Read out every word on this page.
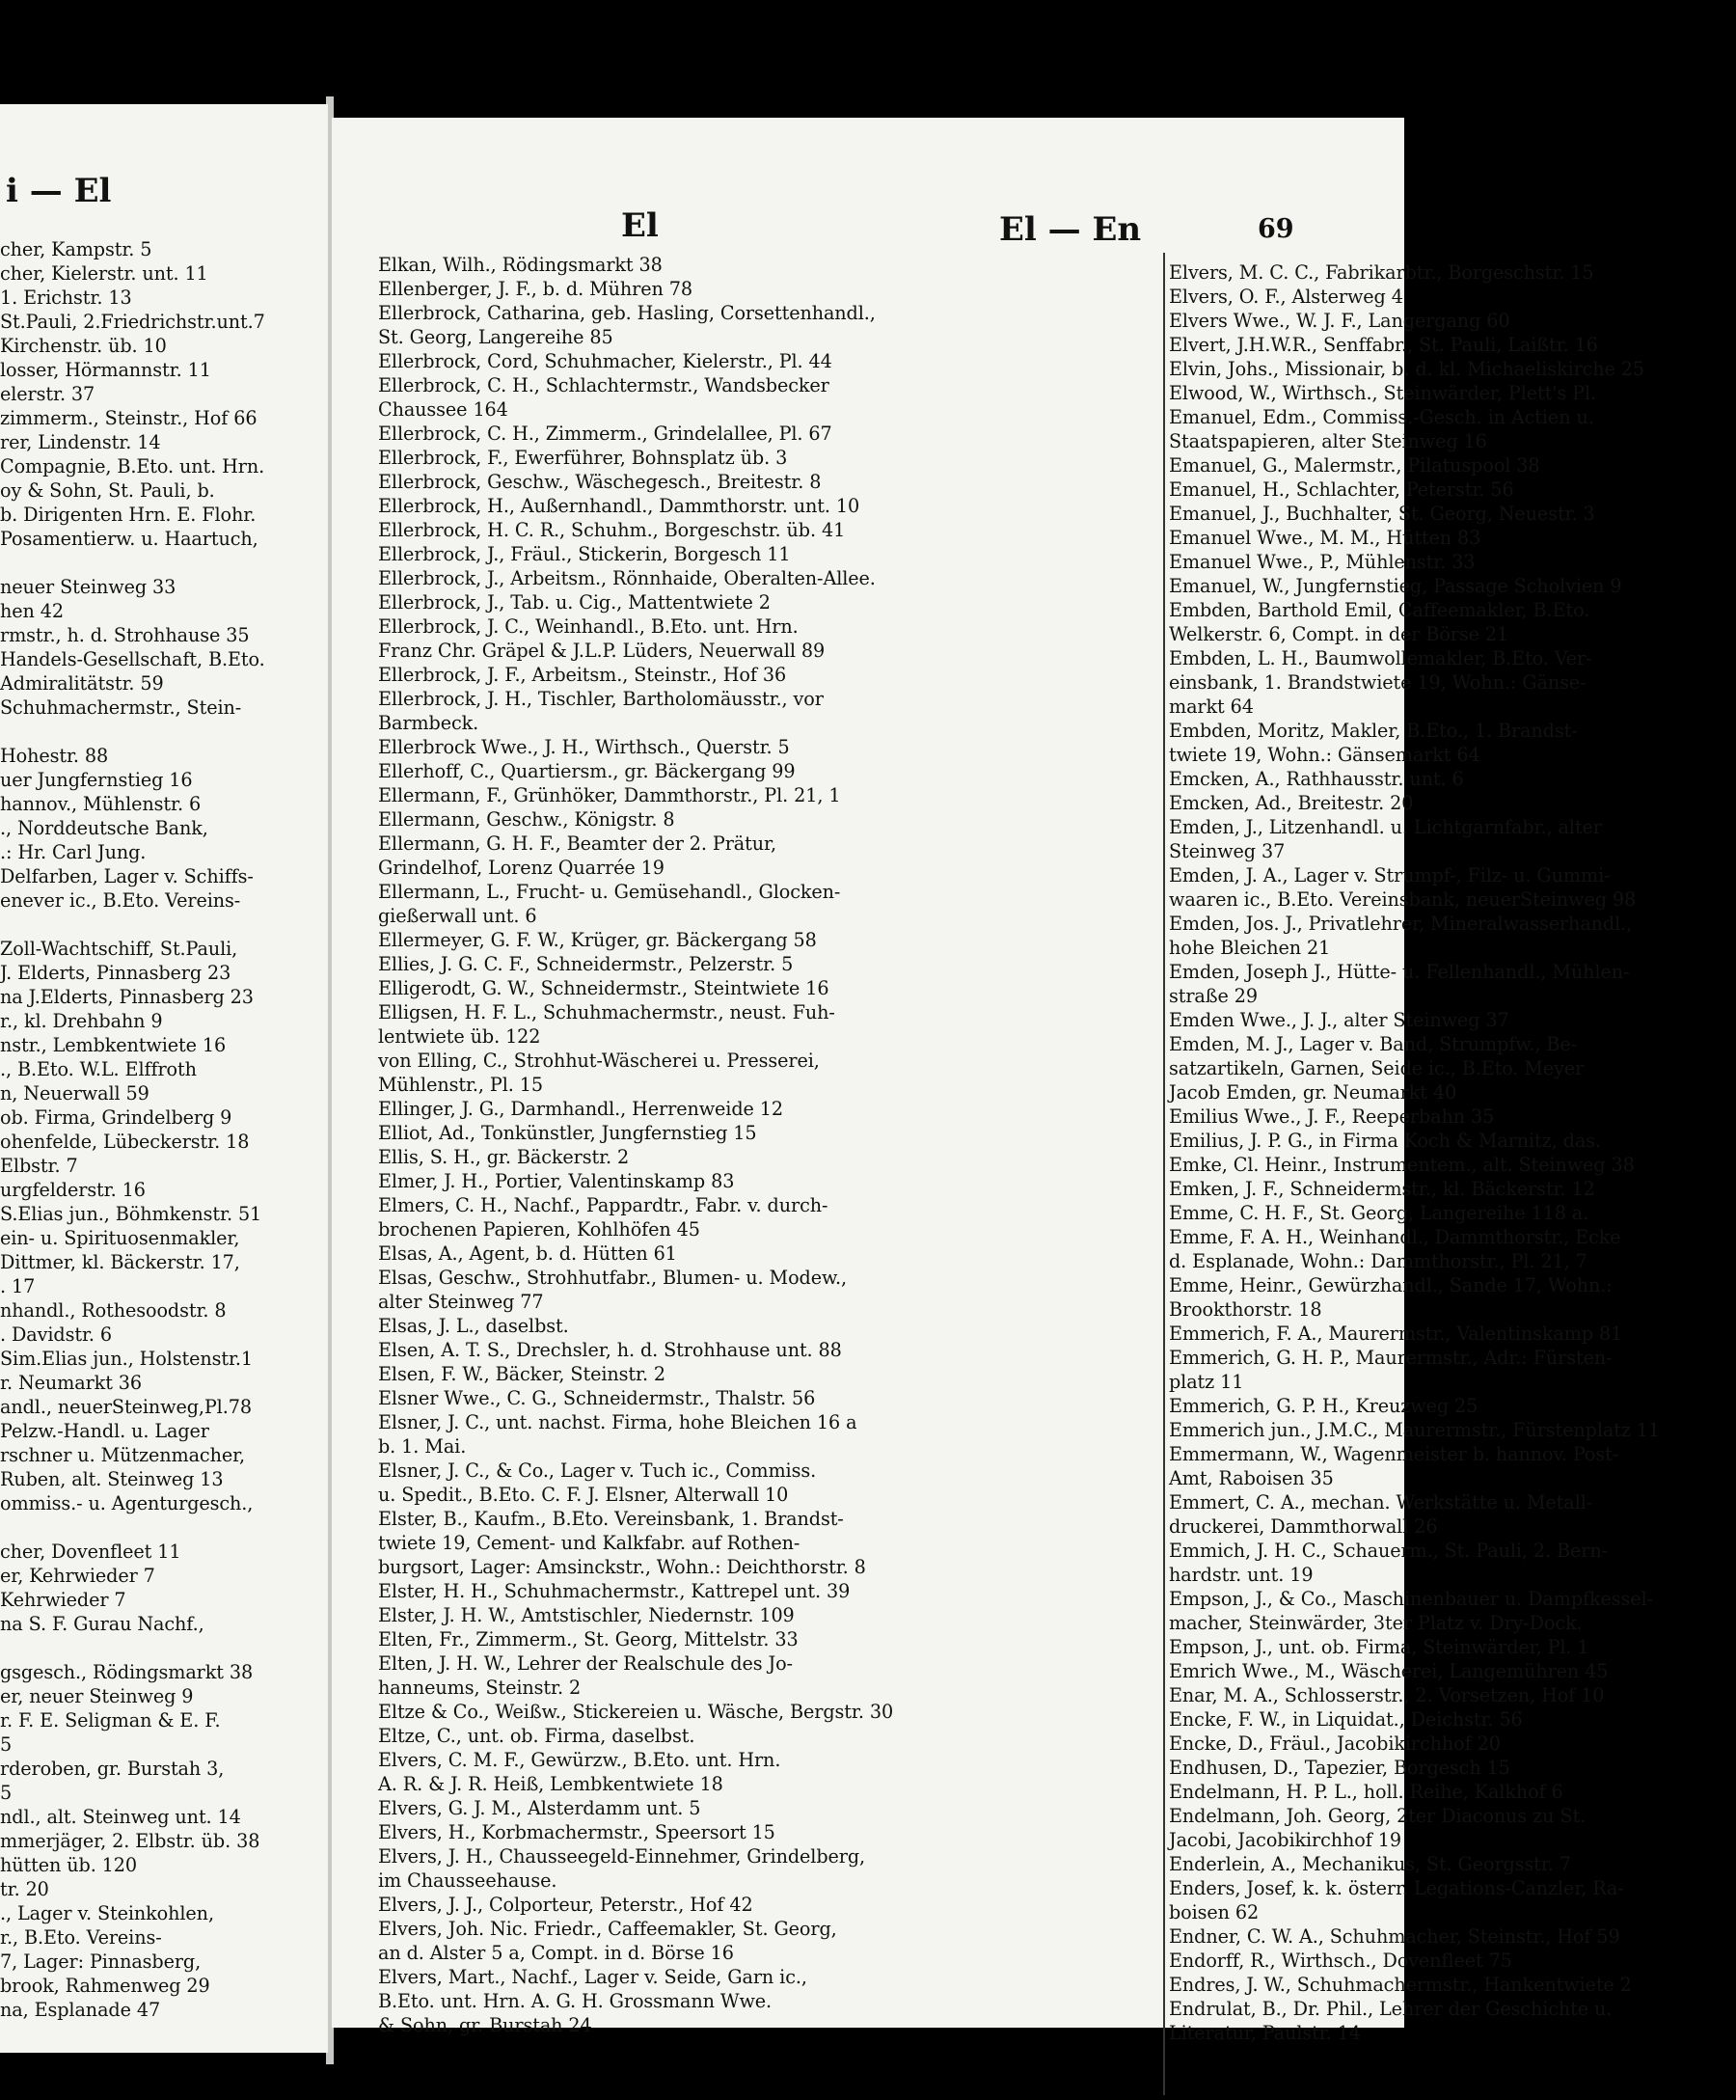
i — El
cher, Kampstr. 5
cher, Kielerstr. unt. 11
1. Erichstr. 13
St.Pauli, 2.Friedrichstr.unt.7
Kirchenstr. üb. 10
losser, Hörmannstr. 11
elerstr. 37
zimmerm., Steinstr., Hof 66
rer, Lindenstr. 14
Compagnie, B.Eto. unt. Hrn.
oy & Sohn, St. Pauli, b.
b. Dirigenten Hrn. E. Flohr.
Posamentierw. u. Haartuch,
neuer Steinweg 33
hen 42
rmstr., h. d. Strohhause 35
Handels-Gesellschaft, B.Eto.
Admiralitätstr. 59
Schuhmachermstr., Stein-
Hohestr. 88
uer Jungfernstieg 16
hannov., Mühlenstr. 6
., Norddeutsche Bank,
.: Hr. Carl Jung.
Delfarben, Lager v. Schiffs-
enever ic., B.Eto. Vereins-
Zoll-Wachtschiff, St.Pauli,
J. Elderts, Pinnasberg 23
na J.Elderts, Pinnasberg 23
r., kl. Drehbahn 9
nstr., Lembkentwiete 16
., B.Eto. W.L. Elffroth
n, Neuerwall 59
ob. Firma, Grindelberg 9
ohenfelde, Lübeckerstr. 18
Elbstr. 7
urgfelderstr. 16
S.Elias jun., Böhmkenstr. 51
ein- u. Spirituosenmakler,
Dittmer, kl. Bäckerstr. 17,
. 17
nhandl., Rothesoodstr. 8
. Davidstr. 6
Sim.Elias jun., Holstenstr.1
r. Neumarkt 36
andl., neuerSteinweg,Pl.78
Pelzw.-Handl. u. Lager
rschner u. Mützenmacher,
Ruben, alt. Steinweg 13
ommiss.- u. Agenturgesch.,
cher, Dovenfleet 11
er, Kehrwieder 7
Kehrwieder 7
na S. F. Gurau Nachf.,
gsgesch., Rödingsmarkt 38
er, neuer Steinweg 9
r. F. E. Seligman & E. F.
5
rderoben, gr. Burstah 3,
5
ndl., alt. Steinweg unt. 14
mmerjäger, 2. Elbstr. üb. 38
hütten üb. 120
tr. 20
., Lager v. Steinkohlen,
r., B.Eto. Vereins-
7, Lager: Pinnasberg,
brook, Rahmenweg 29
na, Esplanade 47
El	El — En	69
Elkan, Wilh., Rödingsmarkt 38
Ellenberger, J. F., b. d. Mühren 78
Ellerbrock, Catharina, geb. Hasling, Corsettenhandl.,
St. Georg, Langereihe 85
Ellerbrock, Cord, Schuhmacher, Kielerstr., Pl. 44
Ellerbrock, C. H., Schlachtermstr., Wandsbecker
Chaussee 164
Ellerbrock, C. H., Zimmerm., Grindelallee, Pl. 67
Ellerbrock, F., Ewerführer, Bohnsplatz üb. 3
Ellerbrock, Geschw., Wäschegesch., Breitestr. 8
Ellerbrock, H., Außernhandl., Dammthorstr. unt. 10
Ellerbrock, H. C. R., Schuhm., Borgeschstr. üb. 41
Ellerbrock, J., Fräul., Stickerin, Borgesch 11
Ellerbrock, J., Arbeitsm., Rönnhaide, Oberalten-Allee.
Ellerbrock, J., Tab. u. Cig., Mattentwiete 2
Ellerbrock, J. C., Weinhandl., B.Eto. unt. Hrn.
Franz Chr. Gräpel & J.L.P. Lüders, Neuerwall 89
Ellerbrock, J. F., Arbeitsm., Steinstr., Hof 36
Ellerbrock, J. H., Tischler, Bartholomäusstr., vor
Barmbeck.
Ellerbrock Wwe., J. H., Wirthsch., Querstr. 5
Ellerhoff, C., Quartiersm., gr. Bäckergang 99
Ellermann, F., Grünhöker, Dammthorstr., Pl. 21, 1
Ellermann, Geschw., Königstr. 8
Ellermann, G. H. F., Beamter der 2. Prätur,
Grindelhof, Lorenz Quarrée 19
Ellermann, L., Frucht- u. Gemüsehandl., Glocken-
gießerwall unt. 6
Ellermeyer, G. F. W., Krüger, gr. Bäckergang 58
Ellies, J. G. C. F., Schneidermstr., Pelzerstr. 5
Elligerodt, G. W., Schneidermstr., Steintwiete 16
Elligsen, H. F. L., Schuhmachermstr., neust. Fuh-
lentwiete üb. 122
von Elling, C., Strohhut-Wäscherei u. Presserei,
Mühlenstr., Pl. 15
Ellinger, J. G., Darmhandl., Herrenweide 12
Elliot, Ad., Tonkünstler, Jungfernstieg 15
Ellis, S. H., gr. Bäckerstr. 2
Elmer, J. H., Portier, Valentinskamp 83
Elmers, C. H., Nachf., Pappardtr., Fabr. v. durch-
brochenen Papieren, Kohlhöfen 45
Elsas, A., Agent, b. d. Hütten 61
Elsas, Geschw., Strohhutfabr., Blumen- u. Modew.,
alter Steinweg 77
Elsas, J. L., daselbst.
Elsen, A. T. S., Drechsler, h. d. Strohhause unt. 88
Elsen, F. W., Bäcker, Steinstr. 2
Elsner Wwe., C. G., Schneidermstr., Thalstr. 56
Elsner, J. C., unt. nachst. Firma, hohe Bleichen 16 a
b. 1. Mai.
Elsner, J. C., & Co., Lager v. Tuch ic., Commiss.
u. Spedit., B.Eto. C. F. J. Elsner, Alterwall 10
Elster, B., Kaufm., B.Eto. Vereinsbank, 1. Brandst-
twiete 19, Cement- und Kalkfabr. auf Rothen-
burgsort, Lager: Amsinckstr., Wohn.: Deichthorstr. 8
Elster, H. H., Schuhmachermstr., Kattrepel unt. 39
Elster, J. H. W., Amtstischler, Niedernstr. 109
Elten, Fr., Zimmerm., St. Georg, Mittelstr. 33
Elten, J. H. W., Lehrer der Realschule des Jo-
hanneums, Steinstr. 2
Eltze & Co., Weißw., Stickereien u. Wäsche, Bergstr. 30
Eltze, C., unt. ob. Firma, daselbst.
Elvers, C. M. F., Gewürzw., B.Eto. unt. Hrn.
A. R. & J. R. Heiß, Lembkentwiete 18
Elvers, G. J. M., Alsterdamm unt. 5
Elvers, H., Korbmachermstr., Speersort 15
Elvers, J. H., Chausseegeld-Einnehmer, Grindelberg,
im Chausseehause.
Elvers, J. J., Colporteur, Peterstr., Hof 42
Elvers, Joh. Nic. Friedr., Caffeemakler, St. Georg,
an d. Alster 5 a, Compt. in d. Börse 16
Elvers, Mart., Nachf., Lager v. Seide, Garn ic.,
B.Eto. unt. Hrn. A. G. H. Grossmann Wwe.
& Sohn, gr. Burstah 24
Elvers, M. C. C., Fabrikarbtr., Borgeschstr. 15
Elvers, O. F., Alsterweg 4
Elvers Wwe., W. J. F., Langergang 60
Elvert, J.H.W.R., Senffabr., St. Pauli, Laißtr. 16
Elvin, Johs., Missionair, b. d. kl. Michaeliskirche 25
Elwood, W., Wirthsch., Steinwärder, Plett's Pl.
Emanuel, Edm., Commiss.-Gesch. in Actien u.
Staatspapieren, alter Steinweg 16
Emanuel, G., Malermstr., Pilatuspool 38
Emanuel, H., Schlachter, Peterstr. 56
Emanuel, J., Buchhalter, St. Georg, Neuestr. 3
Emanuel Wwe., M. M., Hütten 83
Emanuel Wwe., P., Mühlenstr. 33
Emanuel, W., Jungfernstieg, Passage Scholvien 9
Embden, Barthold Emil, Caffeemakler, B.Eto.
Welkerstr. 6, Compt. in der Börse 21
Embden, L. H., Baumwollemakler, B.Eto. Ver-
einsbank, 1. Brandstwiete 19, Wohn.: Gänse-
markt 64
Embden, Moritz, Makler, B.Eto., 1. Brandst-
twiete 19, Wohn.: Gänsemarkt 64
Emcken, A., Rathhausstr. unt. 6
Emcken, Ad., Breitestr. 20
Emden, J., Litzenhandl. u. Lichtgarnfabr., alter
Steinweg 37
Emden, J. A., Lager v. Strumpf-, Filz- u. Gummi-
waaren ic., B.Eto. Vereinsbank, neuerSteinweg 98
Emden, Jos. J., Privatlehrer, Mineralwasserhandl.,
hohe Bleichen 21
Emden, Joseph J., Hütte- u. Fellenhandl., Mühlen-
straße 29
Emden Wwe., J. J., alter Steinweg 37
Emden, M. J., Lager v. Band, Strumpfw., Be-
satzartikeln, Garnen, Seide ic., B.Eto. Meyer
Jacob Emden, gr. Neumarkt 40
Emilius Wwe., J. F., Reeperbahn 35
Emilius, J. P. G., in Firma Koch & Marnitz, das.
Emke, Cl. Heinr., Instrumentem., alt. Steinweg 38
Emken, J. F., Schneidermstr., kl. Bäckerstr. 12
Emme, C. H. F., St. Georg, Langereihe 118 a.
Emme, F. A. H., Weinhandl., Dammthorstr., Ecke
d. Esplanade, Wohn.: Dammthorstr., Pl. 21, 7
Emme, Heinr., Gewürzhandl., Sande 17, Wohn.:
Brookthorstr. 18
Emmerich, F. A., Maurermstr., Valentinskamp 81
Emmerich, G. H. P., Maurermstr., Adr.: Fürsten-
platz 11
Emmerich, G. P. H., Kreuzweg 25
Emmerich jun., J.M.C., Maurermstr., Fürstenplatz 11
Emmermann, W., Wagenmeister b. hannov. Post-
Amt, Raboisen 35
Emmert, C. A., mechan. Werkstätte u. Metall-
druckerei, Dammthorwall 26
Emmich, J. H. C., Schauerm., St. Pauli, 2. Bern-
hardstr. unt. 19
Empson, J., & Co., Maschinenbauer u. Dampfkessel-
macher, Steinwärder, 3ter Platz v. Dry-Dock.
Empson, J., unt. ob. Firma, Steinwärder, Pl. 1
Emrich Wwe., M., Wäscherei, Langemühren 45
Enar, M. A., Schlosserstr., 2. Vorsetzen, Hof 10
Encke, F. W., in Liquidat., Deichstr. 56
Encke, D., Fräul., Jacobikirchhof 20
Endhusen, D., Tapezier, Borgesch 15
Endelmann, H. P. L., holl. Reihe, Kalkhof 6
Endelmann, Joh. Georg, 2ter Diaconus zu St.
Jacobi, Jacobikirchhof 19
Enderlein, A., Mechanikus, St. Georgsstr. 7
Enders, Josef, k. k. österr. Legations-Canzler, Ra-
boisen 62
Endner, C. W. A., Schuhmacher, Steinstr., Hof 59
Endorff, R., Wirthsch., Dovenfleet 75
Endres, J. W., Schuhmachermstr., Hankentwiete 2
Endrulat, B., Dr. Phil., Lehrer der Geschichte u.
Literatur, Paulstr. 14
